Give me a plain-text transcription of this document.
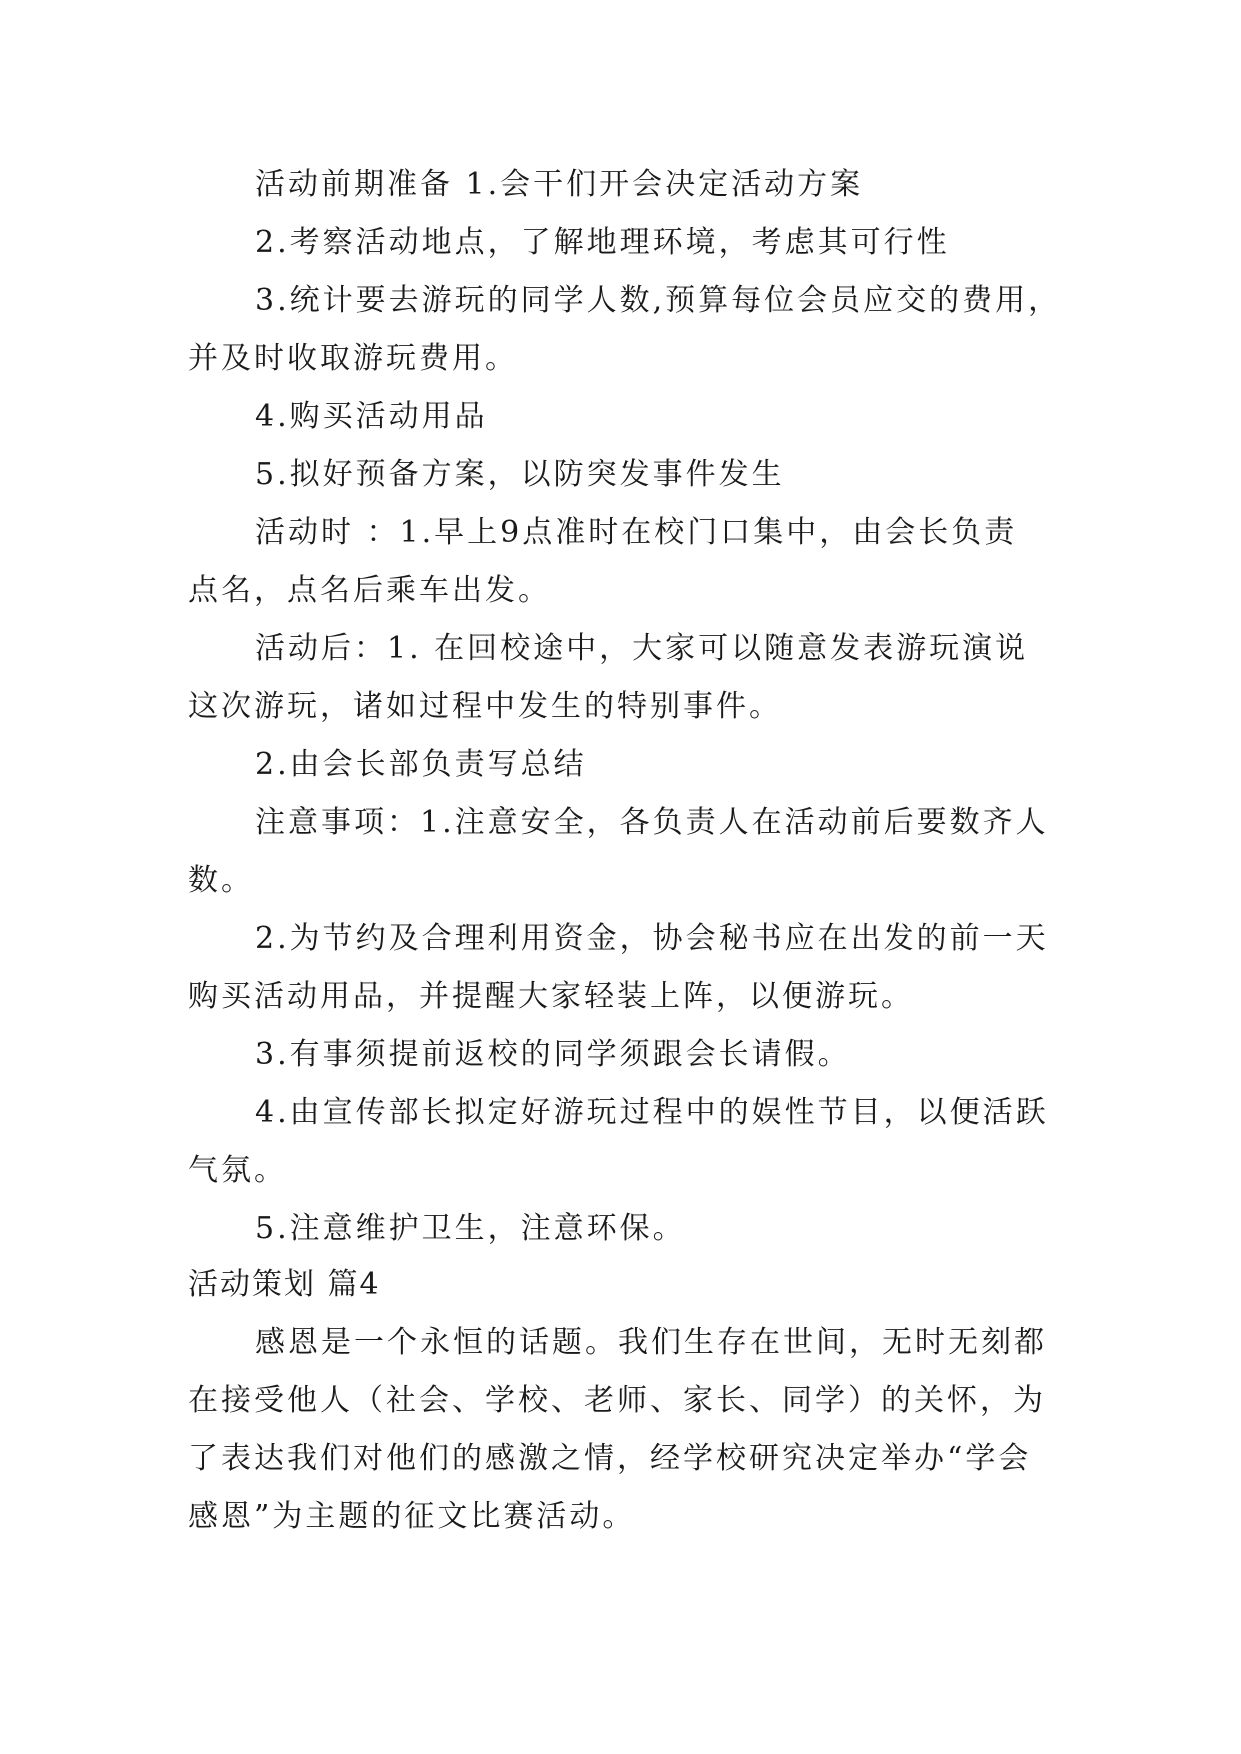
活动前期准备 1.会干们开会决定活动方案
2.考察活动地点，了解地理环境，考虑其可行性
3.统计要去游玩的同学人数,预算每位会员应交的费用，
并及时收取游玩费用。
4.购买活动用品
5.拟好预备方案，以防突发事件发生
活动时 ：1.早上9点准时在校门口集中，由会长负责
点名，点名后乘车出发。
活动后：1. 在回校途中，大家可以随意发表游玩演说
这次游玩，诸如过程中发生的特别事件。
2.由会长部负责写总结
注意事项：1.注意安全，各负责人在活动前后要数齐人
数。
2.为节约及合理利用资金，协会秘书应在出发的前一天
购买活动用品，并提醒大家轻装上阵，以便游玩。
3.有事须提前返校的同学须跟会长请假。
4.由宣传部长拟定好游玩过程中的娱性节目，以便活跃
气氛。
5.注意维护卫生，注意环保。
活动策划 篇4
感恩是一个永恒的话题。我们生存在世间，无时无刻都
在接受他人（社会、学校、老师、家长、同学）的关怀，为
了表达我们对他们的感激之情，经学校研究决定举办“学会
感恩”为主题的征文比赛活动。
